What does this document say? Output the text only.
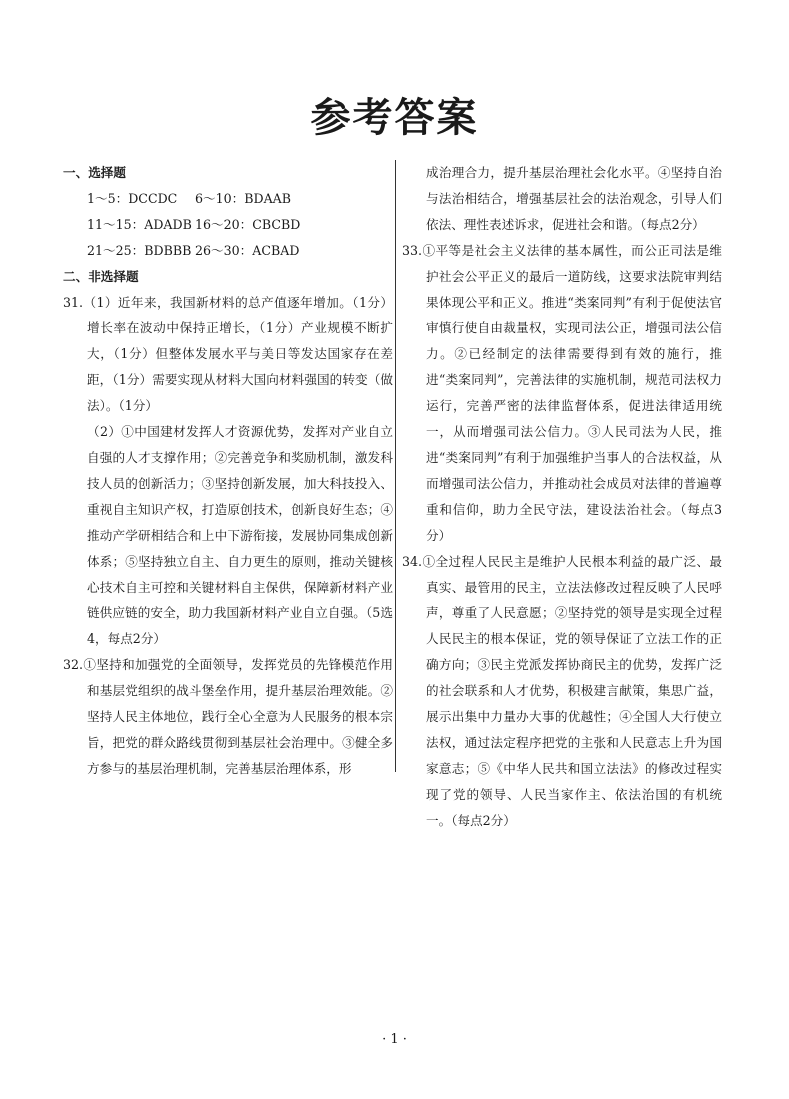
参考答案
一、选择题
1～5：DCCDC	6～10：BDAAB
11～15：ADADB 16～20：CBCBD
21～25：BDBBB 26～30：ACBAD
二、非选择题
31.（1）近年来，我国新材料的总产值逐年增加。（1分）增长率在波动中保持正增长，（1分）产业规模不断扩大，（1分）但整体发展水平与美日等发达国家存在差距，（1分）需要实现从材料大国向材料强国的转变（做法）。（1分）
（2）①中国建材发挥人才资源优势，发挥对产业自立自强的人才支撑作用；②完善竞争和奖励机制，激发科技人员的创新活力；③坚持创新发展，加大科技投入、重视自主知识产权，打造原创技术，创新良好生态；④推动产学研相结合和上中下游衔接，发展协同集成创新体系；⑤坚持独立自主、自力更生的原则，推动关键核心技术自主可控和关键材料自主保供，保障新材料产业链供应链的安全，助力我国新材料产业自立自强。（5选4，每点2分）
32.①坚持和加强党的全面领导，发挥党员的先锋模范作用和基层党组织的战斗堡垒作用，提升基层治理效能。②坚持人民主体地位，践行全心全意为人民服务的根本宗旨，把党的群众路线贯彻到基层社会治理中。③健全多方参与的基层治理机制，完善基层治理体系，形
成治理合力，提升基层治理社会化水平。④坚持自治与法治相结合，增强基层社会的法治观念，引导人们依法、理性表述诉求，促进社会和谐。（每点2分）
33.①平等是社会主义法律的基本属性，而公正司法是维护社会公平正义的最后一道防线，这要求法院审判结果体现公平和正义。推进“类案同判”有利于促使法官审慎行使自由裁量权，实现司法公正，增强司法公信力。②已经制定的法律需要得到有效的施行，推进“类案同判”，完善法律的实施机制，规范司法权力运行，完善严密的法律监督体系，促进法律适用统一，从而增强司法公信力。③人民司法为人民，推进“类案同判”有利于加强维护当事人的合法权益，从而增强司法公信力，并推动社会成员对法律的普遍尊重和信仰，助力全民守法，建设法治社会。（每点3分）
34.①全过程人民民主是维护人民根本利益的最广泛、最真实、最管用的民主，立法法修改过程反映了人民呼声，尊重了人民意愿；②坚持党的领导是实现全过程人民民主的根本保证，党的领导保证了立法工作的正确方向；③民主党派发挥协商民主的优势，发挥广泛的社会联系和人才优势，积极建言献策，集思广益，展示出集中力量办大事的优越性；④全国人大行使立法权，通过法定程序把党的主张和人民意志上升为国家意志；⑤《中华人民共和国立法法》的修改过程实现了党的领导、人民当家作主、依法治国的有机统一。（每点2分）
· 1 ·
